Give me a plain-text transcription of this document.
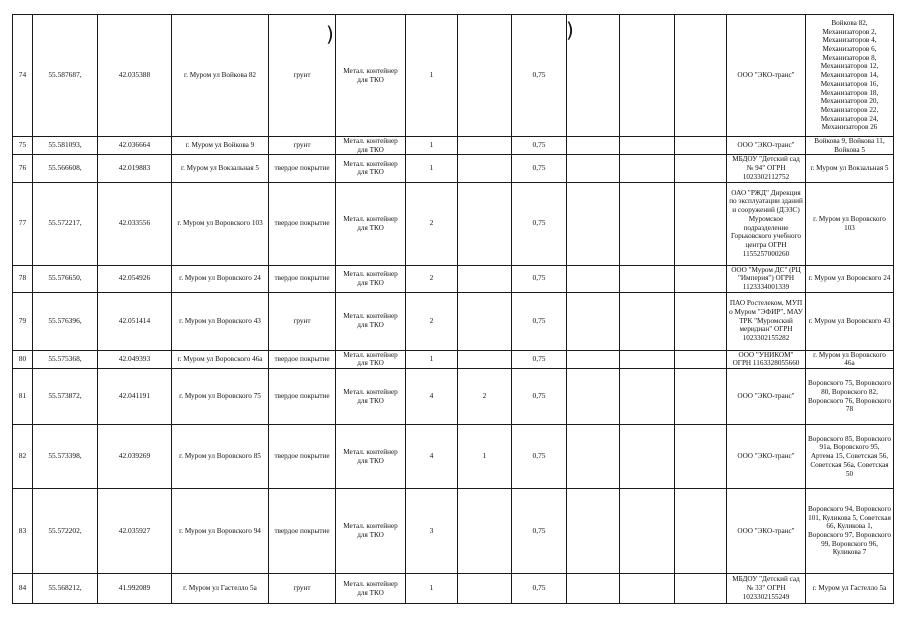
74	55.587687,	42.035388	г. Муром ул Войкова 82	грунт	Метал. контейнер для ТКО	1		0,75				ООО "ЭКО-транс"	Войкова 82, Механизаторов 2, Механизаторов 4, Механизаторов 6, Механизаторов 8, Механизаторов 12, Механизаторов 14, Механизаторов 16, Механизаторов 18, Механизаторов 20, Механизаторов 22, Механизаторов 24, Механизаторов 26
75	55.581093,	42.036664	г. Муром ул Войкова 9	грунт	Метал. контейнер для ТКО	1		0,75				ООО "ЭКО-транс"	Войкова 9, Войкова 11, Войкова 5
76	55.566608,	42.019883	г. Муром ул Вокзальная 5	твердое покрытие	Метал. контейнер для ТКО	1		0,75				МБДОУ "Детский сад № 94" ОГРН 1023302112752	г. Муром ул Вокзальная 5
77	55.572217,	42.033556	г. Муром ул Воровского 103	твердое покрытие	Метал. контейнер для ТКО	2		0,75				ОАО "РЖД" Дирекция по эксплуатации зданий и сооружений (ДЭЗС) Муромское подразделение Горьковского учебного центра ОГРН 1155257000260	г. Муром ул Воровского 103
78	55.576650,	42.054926	г. Муром ул Воровского 24	твердое покрытие	Метал. контейнер для ТКО	2		0,75				ООО "Муром ДС" (РЦ "Империя") ОГРН 1123334001339	г. Муром ул Воровского 24
79	55.576396,	42.051414	г. Муром ул Воровского 43	грунт	Метал. контейнер для ТКО	2		0,75				ПАО Ростелеком, МУП о Муром "ЭФИР", МАУ ТРК "Муромский меридиан" ОГРН 1023302155282	г. Муром ул Воровского 43
80	55.575368,	42.049393	г. Муром ул Воровского 46а	твердое покрытие	Метал. контейнер для ТКО	1		0,75				ООО "УНИКОМ" ОГРН 1163328055660	г. Муром ул Воровского 46а
81	55.573872,	42.041191	г. Муром ул Воровского 75	твердое покрытие	Метал. контейнер для ТКО	4	2	0,75				ООО "ЭКО-транс"	Воровского 75, Воровского 80, Воровского 82, Воровского 76, Воровского 78
82	55.573398,	42.039269	г. Муром ул Воровского 85	твердое покрытие	Метал. контейнер для ТКО	4	1	0,75				ООО "ЭКО-транс"	Воровского 85, Воровского 91а, Воровского 95, Артема 15, Советская 56, Советская 56а, Советская 50
83	55.572202,	42.035927	г. Муром ул Воровского 94	твердое покрытие	Метал. контейнер для ТКО	3		0,75				ООО "ЭКО-транс"	Воровского 94, Воровского 101, Куликова 5, Советская 66, Куликова 1, Воровского 97, Воровского 99, Воровского 96, Куликова 7
84	55.568212,	41.992089	г. Муром ул Гастелло 5а	грунт	Метал. контейнер для ТКО	1		0,75				МБДОУ "Детский сад № 33" ОГРН 1023302155249	г. Муром ул Гастелло 5а
)	)
